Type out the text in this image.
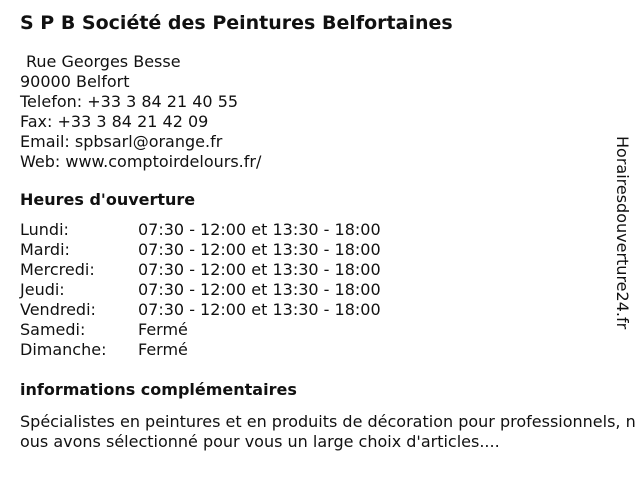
S P B Société des Peintures Belfortaines
Rue Georges Besse
90000 Belfort
Telefon: +33 3 84 21 40 55
Fax: +33 3 84 21 42 09
Email: spbsarl@orange.fr
Web: www.comptoirdelours.fr/
Heures d'ouverture
Lundi:	07:30 - 12:00 et 13:30 - 18:00
Mardi:	07:30 - 12:00 et 13:30 - 18:00
Mercredi:	07:30 - 12:00 et 13:30 - 18:00
Jeudi:	07:30 - 12:00 et 13:30 - 18:00
Vendredi:	07:30 - 12:00 et 13:30 - 18:00
Samedi:	Fermé
Dimanche:	Fermé
informations complémentaires
Spécialistes en peintures et en produits de décoration pour professionnels, nous avons sélectionné pour vous un large choix d'articles....
Horairesdouverture24.fr
